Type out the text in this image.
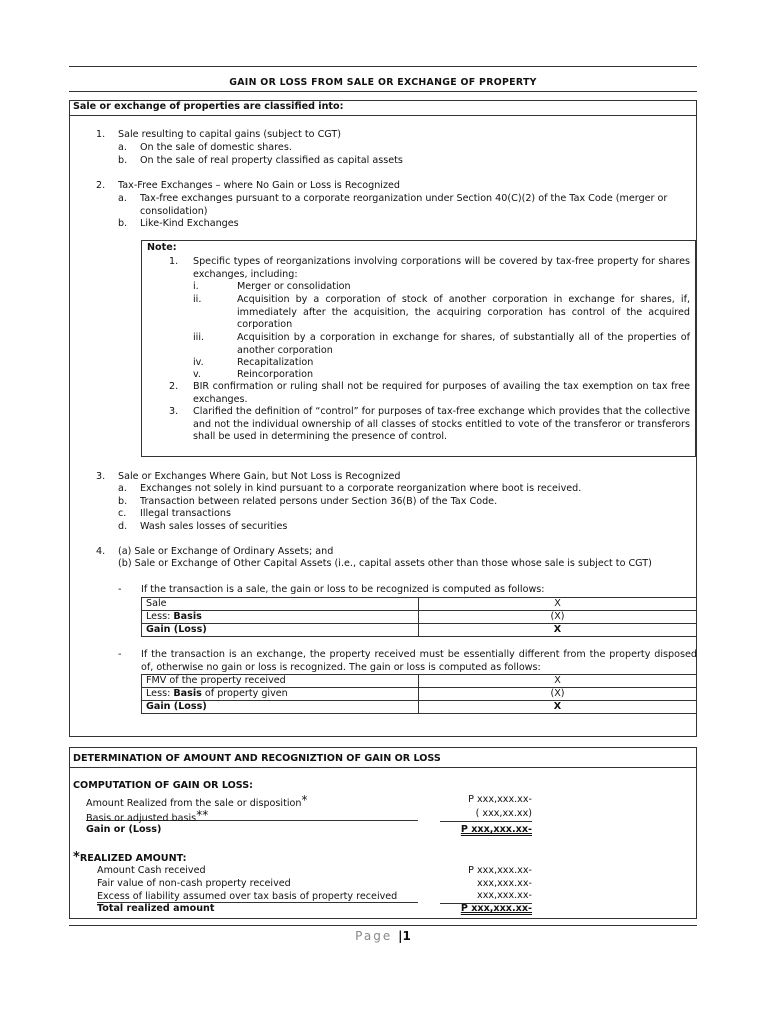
GAIN OR LOSS FROM SALE OR EXCHANGE OF PROPERTY
Sale or exchange of properties are classified into:
1. Sale resulting to capital gains (subject to CGT)
a. On the sale of domestic shares.
b. On the sale of real property classified as capital assets
2. Tax-Free Exchanges – where No Gain or Loss is Recognized
a. Tax-free exchanges pursuant to a corporate reorganization under Section 40(C)(2) of the Tax Code (merger or consolidation)
b. Like-Kind Exchanges
Note:
1. Specific types of reorganizations involving corporations will be covered by tax-free property for shares exchanges, including:
i.	Merger or consolidation
ii.	Acquisition by a corporation of stock of another corporation in exchange for shares, if, immediately after the acquisition, the acquiring corporation has control of the acquired corporation
iii.	Acquisition by a corporation in exchange for shares, of substantially all of the properties of another corporation
iv.	Recapitalization
v.	Reincorporation
2. BIR confirmation or ruling shall not be required for purposes of availing the tax exemption on tax free exchanges.
3. Clarified the definition of “control” for purposes of tax-free exchange which provides that the collective and not the individual ownership of all classes of stocks entitled to vote of the transferor or transferors shall be used in determining the presence of control.
3. Sale or Exchanges Where Gain, but Not Loss is Recognized
a. Exchanges not solely in kind pursuant to a corporate reorganization where boot is received.
b. Transaction between related persons under Section 36(B) of the Tax Code.
c. Illegal transactions
d. Wash sales losses of securities
4. (a) Sale or Exchange of Ordinary Assets; and
(b) Sale or Exchange of Other Capital Assets (i.e., capital assets other than those whose sale is subject to CGT)
- If the transaction is a sale, the gain or loss to be recognized is computed as follows:
Sale	X
Less: Basis	(X)
Gain (Loss)	X
- If the transaction is an exchange, the property received must be essentially different from the property disposed of, otherwise no gain or loss is recognized. The gain or loss is computed as follows:
FMV of the property received	X
Less: Basis of property given	(X)
Gain (Loss)	X
DETERMINATION OF AMOUNT AND RECOGNIZTION OF GAIN OR LOSS
COMPUTATION OF GAIN OR LOSS:
Amount Realized from the sale or disposition*	P xxx,xxx.xx-
Basis or adjusted basis**	( xxx,xx.xx)
Gain or (Loss)	P xxx,xxx.xx-
*REALIZED AMOUNT:
Amount Cash received	P xxx,xxx.xx-
Fair value of non-cash property received	xxx,xxx.xx-
Excess of liability assumed over tax basis of property received	xxx,xxx.xx-
Total realized amount	P xxx,xxx.xx-
Page |1
